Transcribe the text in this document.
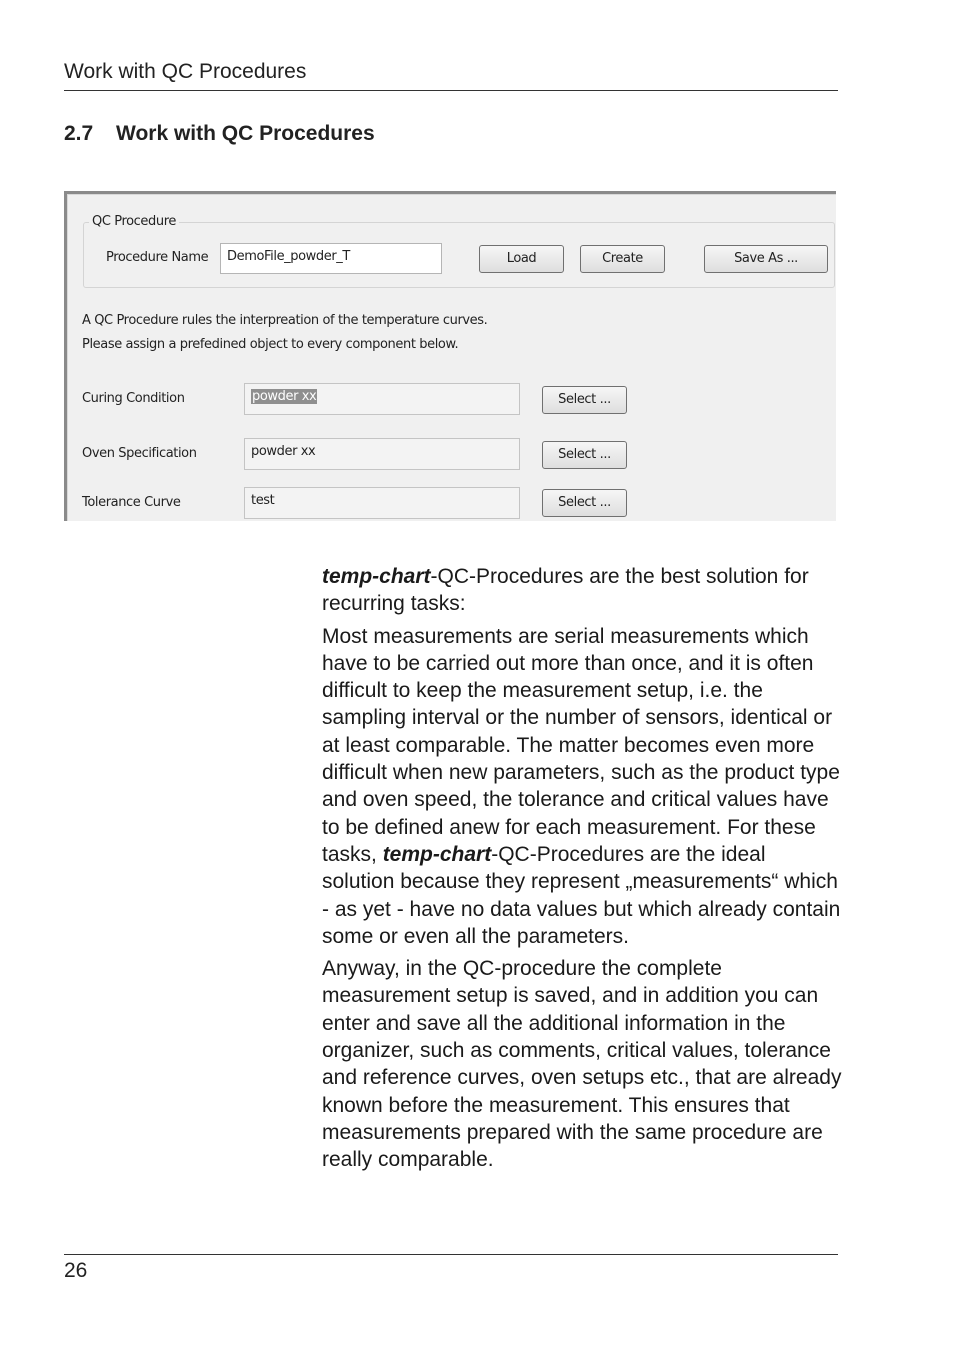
Work with QC Procedures
2.7 Work with QC Procedures
QC Procedure
Procedure Name	DemoFile_powder_T	Load	Create	Save As ...
A QC Procedure rules the interpreation of the temperature curves.
Please assign a prefedined object to every component below.
Curing Condition	powder xx	Select ...
Oven Specification	powder xx	Select ...
Tolerance Curve	test	Select ...

temp-chart-QC-Procedures are the best solution for recurring tasks:

Most measurements are serial measurements which have to be carried out more than once, and it is often difficult to keep the measurement setup, i.e. the sampling interval or the number of sensors, identical or at least comparable. The matter becomes even more difficult when new parameters, such as the product type and oven speed, the tolerance and critical values have to be defined anew for each measurement. For these tasks, temp-chart-QC-Procedures are the ideal solution because they represent „measurements“ which - as yet - have no data values but which already contain some or even all the parameters.

Anyway, in the QC-procedure the complete measurement setup is saved, and in addition you can enter and save all the additional information in the organizer, such as comments, critical values, tolerance and reference curves, oven setups etc., that are already known before the measurement. This ensures that measurements prepared with the same procedure are really comparable.

26
